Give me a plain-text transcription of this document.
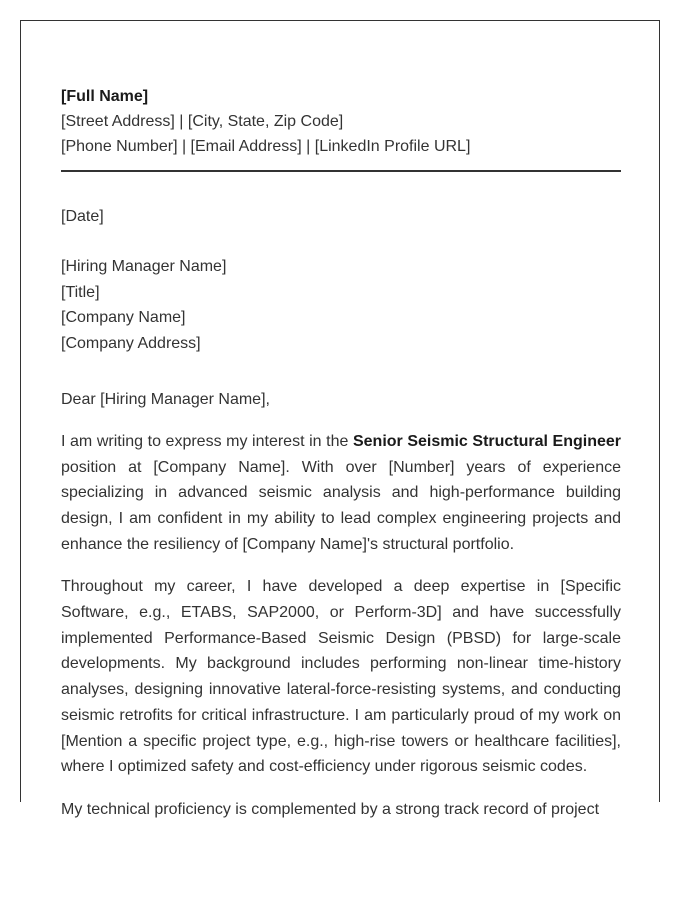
[Full Name]

[Street Address] | [City, State, Zip Code]

[Phone Number] | [Email Address] | [LinkedIn Profile URL]

[Date]

[Hiring Manager Name]
[Title]
[Company Name]
[Company Address]

Dear [Hiring Manager Name],

I am writing to express my interest in the Senior Seismic Structural Engineer position at [Company Name]. With over [Number] years of experience specializing in advanced seismic analysis and high-performance building design, I am confident in my ability to lead complex engineering projects and enhance the resiliency of [Company Name]'s structural portfolio.

Throughout my career, I have developed a deep expertise in [Specific Software, e.g., ETABS, SAP2000, or Perform-3D] and have successfully implemented Performance-Based Seismic Design (PBSD) for large-scale developments. My background includes performing non-linear time-history analyses, designing innovative lateral-force-resisting systems, and conducting seismic retrofits for critical infrastructure. I am particularly proud of my work on [Mention a specific project type, e.g., high-rise towers or healthcare facilities], where I optimized safety and cost-efficiency under rigorous seismic codes.

My technical proficiency is complemented by a strong track record of project
